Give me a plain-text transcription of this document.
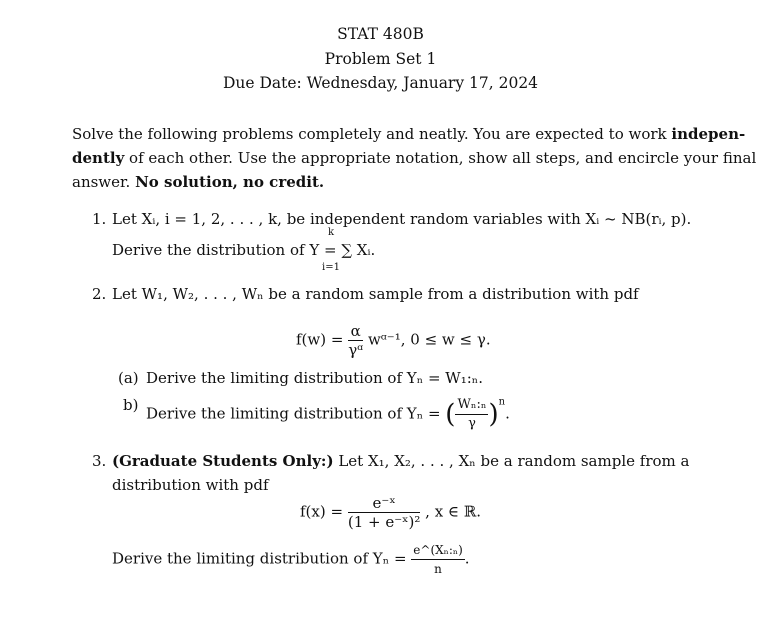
STAT 480B
Problem Set 1
Due Date: Wednesday, January 17, 2024
Solve the following problems completely and neatly. You are expected to work indepen-
dently of each other. Use the appropriate notation, show all steps, and encircle your final
answer. No solution, no credit.
1. Let Xᵢ, i = 1, 2, . . . , k, be independent random variables with Xᵢ ~ NB(rᵢ, p).
Derive the distribution of Y = ∑ Xᵢ.
k
i=1
2. Let W₁, W₂, . . . , Wₙ be a random sample from a distribution with pdf
$f(w) = \frac{\alpha}{\text{γᵅ}}$ wᵅ⁻¹, 0 ≤ w ≤ γ.
(a) Derive the limiting distribution of Yₙ = W₁:ₙ.
b) Derive the limiting distribution of Yₙ = ( $\frac{\text{Wₙ:ₙ}}{\gamma} )^n$.
3. (Graduate Students Only:) Let X₁, X₂, . . . , Xₙ be a random sample from a
distribution with pdf
$f(x) = \frac{\text{e⁻ˣ}}{\text{(1 + e⁻ˣ)²}}$ , x ∈ ℝ.
Derive the limiting distribution of $Y_n = \frac{\text{e\textasciicircum{}(Xₙ:ₙ)}}{n}$ .
